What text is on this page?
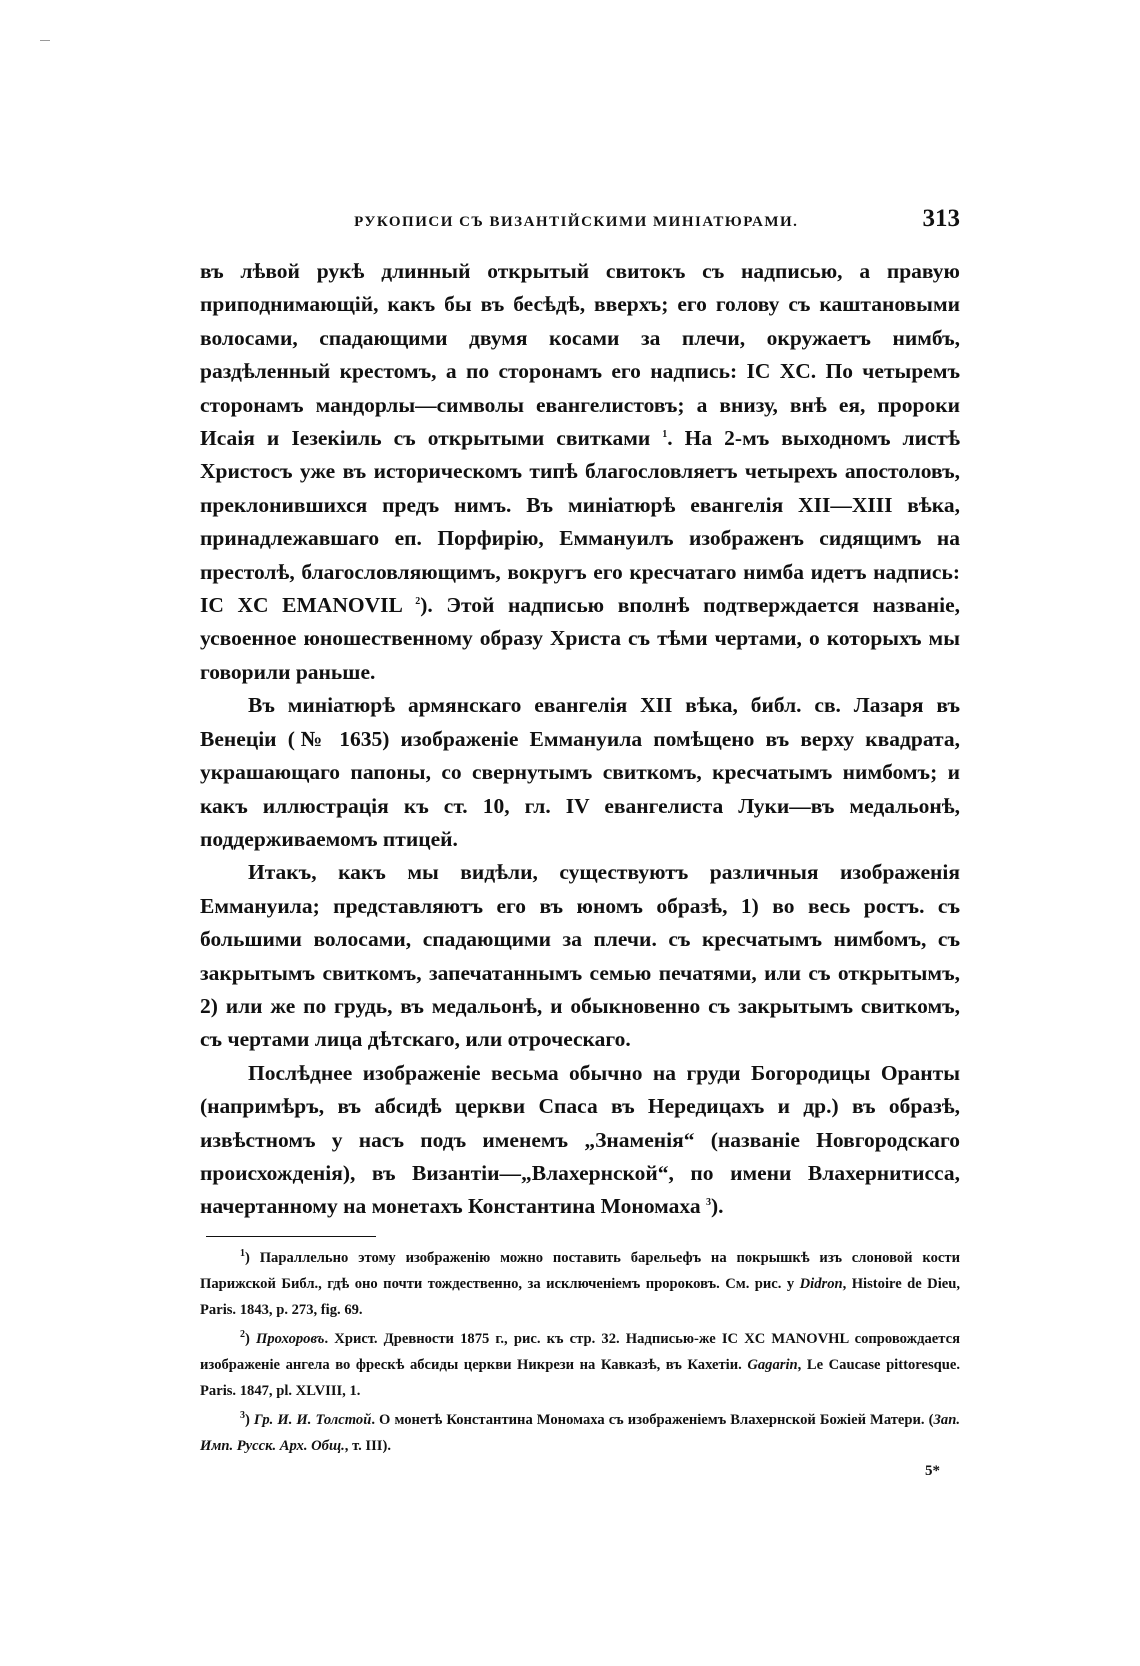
РУКОПИСИ СЪ ВИЗАНТІЙСКИМИ МИНІАТЮРАМИ.	313

въ лѣвой рукѣ длинный открытый свитокъ съ надписью, а правую приподнимающій, какъ бы въ бесѣдѣ, вверхъ; его голову съ каштановыми волосами, спадающими двумя косами за плечи, окружаетъ нимбъ, раздѣленный крестомъ, а по сторонамъ его надпись: IC XC. По четыремъ сторонамъ мандорлы—символы евангелистовъ; а внизу, внѣ ея, пророки Исаія и Іезекіиль съ открытыми свитками $^1$. На 2-мъ выходномъ листѣ Христосъ уже въ историческомъ типѣ благословляетъ четырехъ апостоловъ, преклонившихся предъ нимъ. Въ миніатюрѣ евангелія XII—XIII вѣка, принадлежавшаго еп. Порфирію, Еммануилъ изображенъ сидящимъ на престолѣ, благословляющимъ, вокругъ его кресчатаго нимба идетъ надпись: IC XC EMANOVIL $^2$). Этой надписью вполнѣ подтверждается названіе, усвоенное юношественному образу Христа съ тѣми чертами, о которыхъ мы говорили раньше.

Въ миніатюрѣ армянскаго евангелія XII вѣка, библ. св. Лазаря въ Венеціи (№ 1635) изображеніе Еммануила помѣщено въ верху квадрата, украшающаго папоны, со свернутымъ свиткомъ, кресчатымъ нимбомъ; и какъ иллюстрація къ ст. 10, гл. IV евангелиста Луки—въ медальонѣ, поддерживаемомъ птицей.

Итакъ, какъ мы видѣли, существуютъ различныя изображенія Еммануила; представляютъ его въ юномъ образѣ, 1) во весь ростъ. съ большими волосами, спадающими за плечи. съ кресчатымъ нимбомъ, съ закрытымъ свиткомъ, запечатаннымъ семью печатями, или съ открытымъ, 2) или же по грудь, въ медальонѣ, и обыкновенно съ закрытымъ свиткомъ, съ чертами лица дѣтскаго, или отроческаго.

Послѣднее изображеніе весьма обычно на груди Богородицы Оранты (напримѣръ, въ абсидѣ церкви Спаса въ Нередицахъ и др.) въ образѣ, извѣстномъ у насъ подъ именемъ „Знаменія“ (названіе Новгородскаго происхожденія), въ Византіи—„Влахернской“, по имени Влахернитисса, начертанному на монетахъ Константина Мономаха $^3$).

$^1$) Параллельно этому изображенію можно поставить барельефъ на покрышкѣ изъ слоновой кости Парижской Библ., гдѣ оно почти тождественно, за исключеніемъ пророковъ. См. рис. у Didron, Histoire de Dieu, Paris. 1843, p. 273, fig. 69.

$^2$) Прохоровъ. Христ. Древности 1875 г., рис. къ стр. 32. Надписью-же IC XC MANOVHL сопровождается изображеніе ангела во фрескѣ абсиды церкви Никрези на Кавказѣ, въ Кахетіи. Gagarin, Le Caucase pittoresque. Paris. 1847, pl. XLVIII, 1.

$^3$) Гр. И. И. Толстой. О монетѣ Константина Мономаха съ изображеніемъ Влахернской Божіей Матери. (Зап. Имп. Русск. Арх. Общ., т. III).

5*
